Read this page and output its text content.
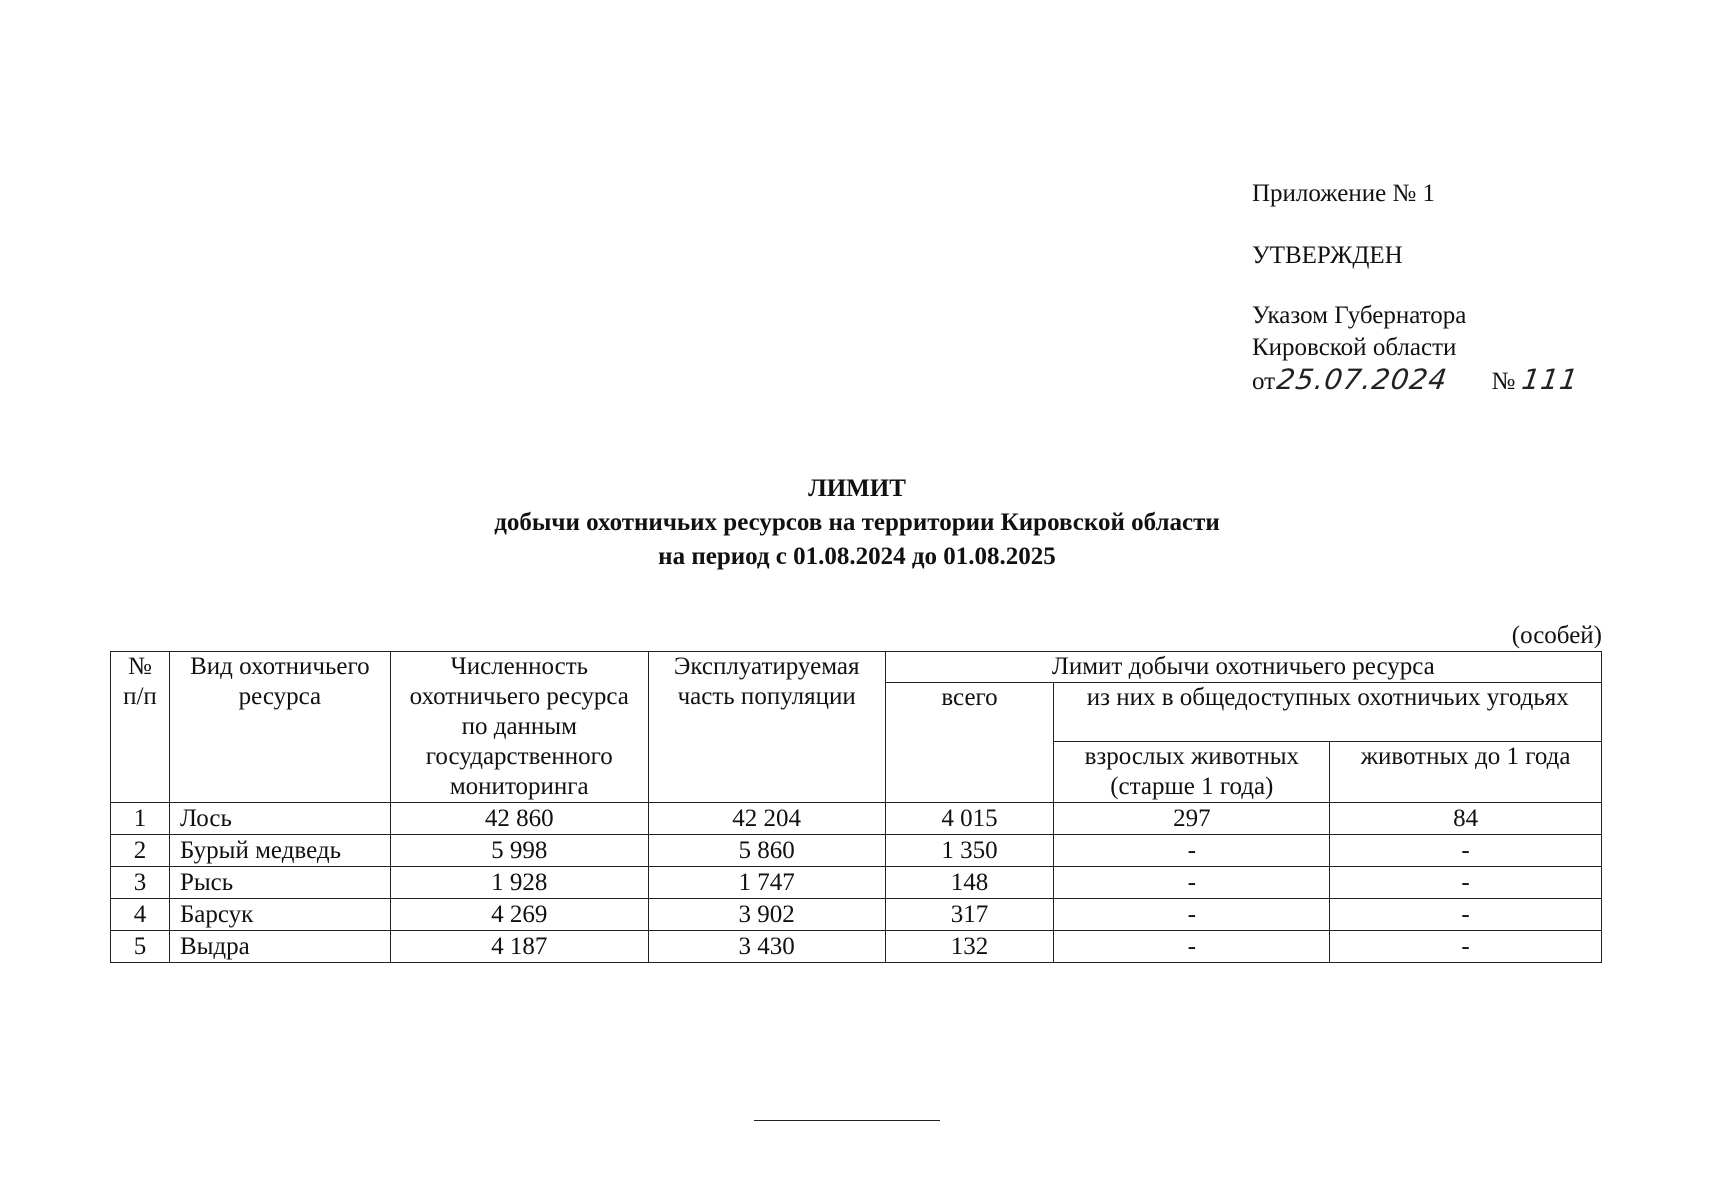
Приложение № 1
УТВЕРЖДЕН
Указом Губернатора
Кировской области
от25.07.2024 № 111
ЛИМИТ
добычи охотничьих ресурсов на территории Кировской области
на период с 01.08.2024 до 01.08.2025
(особей)
№ п/п	Вид охотничьего ресурса	Численность охотничьего ресурса по данным государственного мониторинга	Эксплуатируемая часть популяции	Лимит добычи охотничьего ресурса		
				всего	из них в общедоступных охотничьих угодьях	
					взрослых животных (старше 1 года)	животных до 1 года
1	Лось	42 860	42 204	4 015	297	84
2	Бурый медведь	5 998	5 860	1 350	-	-
3	Рысь	1 928	1 747	148	-	-
4	Барсук	4 269	3 902	317	-	-
5	Выдра	4 187	3 430	132	-	-
